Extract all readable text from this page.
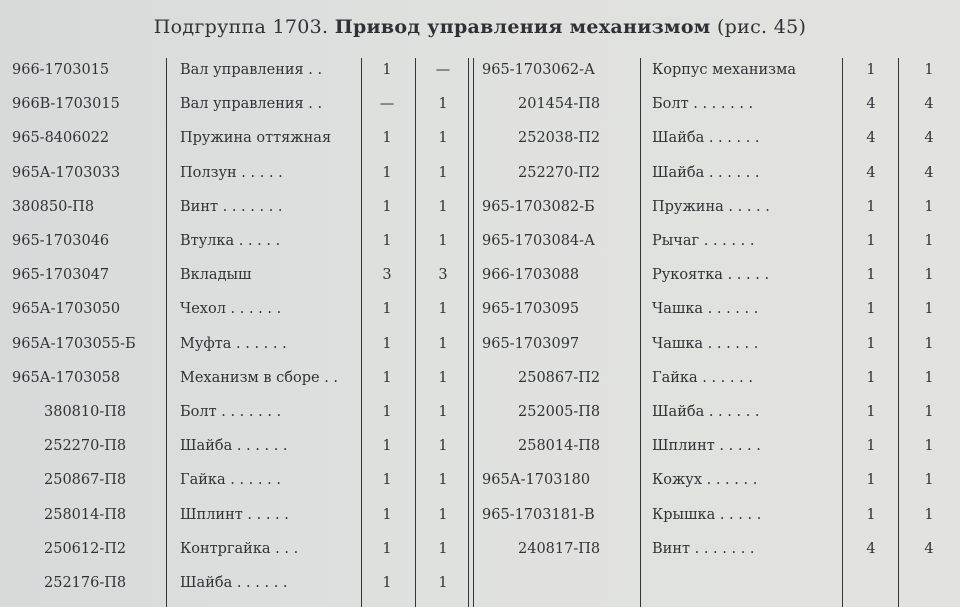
Подгруппа 1703. Привод управления механизмом (рис. 45)
966-1703015	Вал управления . .	1	—
966В-1703015	Вал управления . .	—	1
965-8406022	Пружина оттяжная	1	1
965А-1703033	Ползун . . . . .	1	1
380850-П8	Винт . . . . . . .	1	1
965-1703046	Втулка . . . . .	1	1
965-1703047	Вкладыш	3	3
965А-1703050	Чехол . . . . . .	1	1
965А-1703055-Б	Муфта . . . . . .	1	1
965А-1703058	Механизм в сборе . .	1	1
380810-П8	Болт . . . . . . .	1	1
252270-П8	Шайба . . . . . .	1	1
250867-П8	Гайка . . . . . .	1	1
258014-П8	Шплинт . . . . .	1	1
250612-П2	Контргайка . . .	1	1
252176-П8	Шайба . . . . . .	1	1
965-1703062-А	Корпус механизма	1	1
201454-П8	Болт . . . . . . .	4	4
252038-П2	Шайба . . . . . .	4	4
252270-П2	Шайба . . . . . .	4	4
965-1703082-Б	Пружина . . . . .	1	1
965-1703084-А	Рычаг . . . . . .	1	1
966-1703088	Рукоятка . . . . .	1	1
965-1703095	Чашка . . . . . .	1	1
965-1703097	Чашка . . . . . .	1	1
250867-П2	Гайка . . . . . .	1	1
252005-П8	Шайба . . . . . .	1	1
258014-П8	Шплинт . . . . .	1	1
965А-1703180	Кожух . . . . . .	1	1
965-1703181-В	Крышка . . . . .	1	1
240817-П8	Винт . . . . . . .	4	4
